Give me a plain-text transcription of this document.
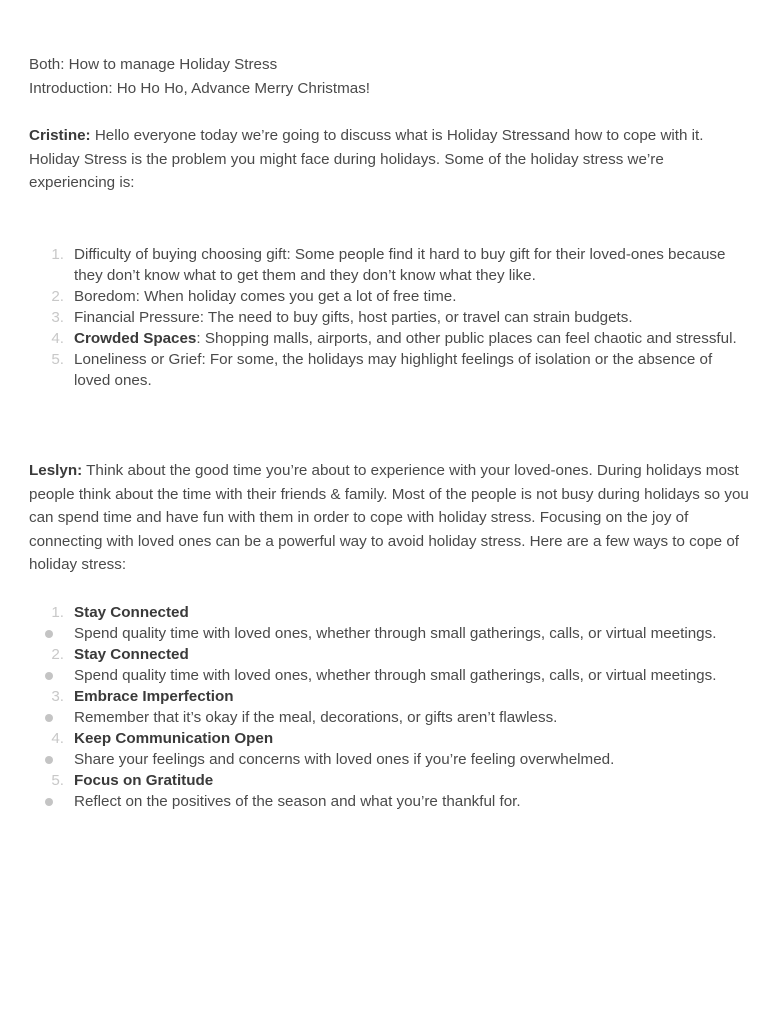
Both: How to manage Holiday Stress
Introduction: Ho Ho Ho, Advance Merry Christmas!
Cristine: Hello everyone today we’re going to discuss what is Holiday Stressand how to cope with it. Holiday Stress is the problem you might face during holidays. Some of the holiday stress we’re experiencing is:
1. Difficulty of buying choosing gift: Some people find it hard to buy gift for their loved-ones because they don’t know what to get them and they don’t know what they like.
2. Boredom: When holiday comes you get a lot of free time.
3. Financial Pressure: The need to buy gifts, host parties, or travel can strain budgets.
4. Crowded Spaces: Shopping malls, airports, and other public places can feel chaotic and stressful.
5. Loneliness or Grief: For some, the holidays may highlight feelings of isolation or the absence of loved ones.
Leslyn: Think about the good time you’re about to experience with your loved-ones. During holidays most people think about the time with their friends & family. Most of the people is not busy during holidays so you can spend time and have fun with them in order to cope with holiday stress. Focusing on the joy of connecting with loved ones can be a powerful way to avoid holiday stress. Here are a few ways to cope of holiday stress:
1. Stay Connected
Spend quality time with loved ones, whether through small gatherings, calls, or virtual meetings.
2. Stay Connected
Spend quality time with loved ones, whether through small gatherings, calls, or virtual meetings.
3. Embrace Imperfection
Remember that it’s okay if the meal, decorations, or gifts aren’t flawless.
4. Keep Communication Open
Share your feelings and concerns with loved ones if you’re feeling overwhelmed.
5. Focus on Gratitude
Reflect on the positives of the season and what you’re thankful for.
